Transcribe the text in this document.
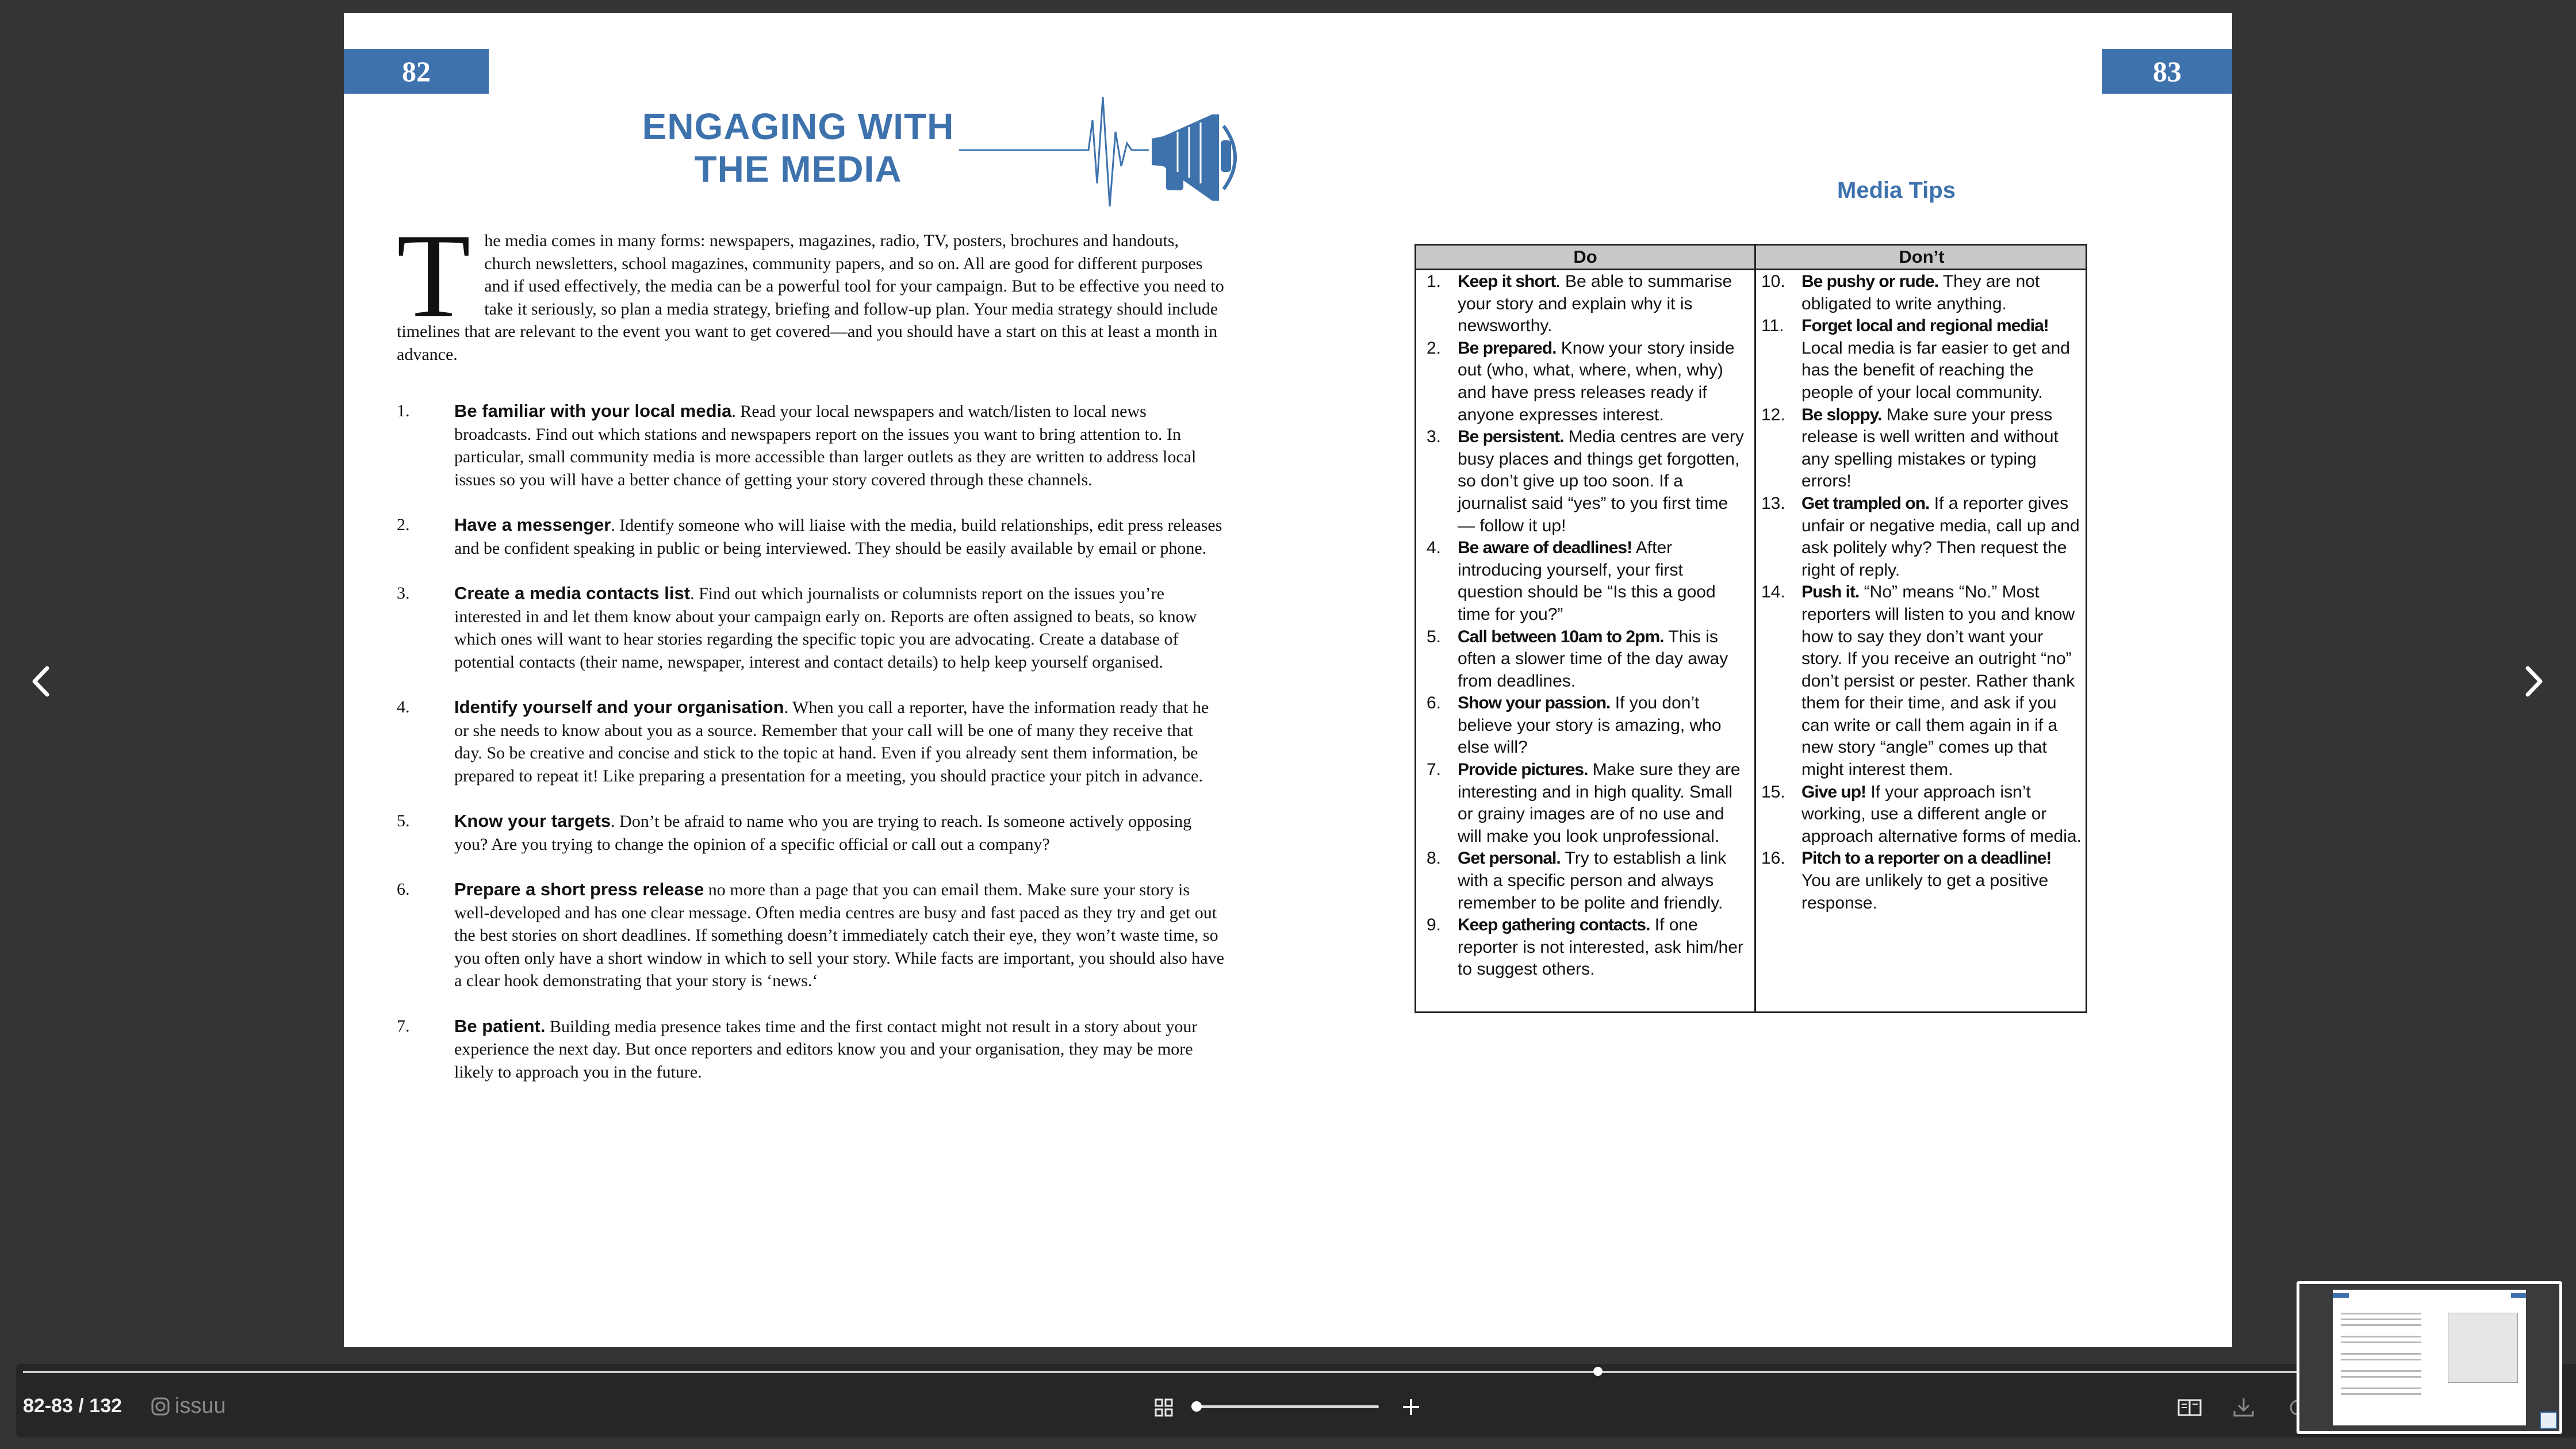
82
ENGAGING WITH
THE MEDIA
T he media comes in many forms: newspapers, magazines, radio, TV, posters, brochures and handouts, church newsletters, school magazines, community papers, and so on. All are good for different purposes and if used effectively, the media can be a powerful tool for your campaign. But to be effective you need to take it seriously, so plan a media strategy, briefing and follow-up plan. Your media strategy should include timelines that are relevant to the event you want to get covered—and you should have a start on this at least a month in advance.
1.	Be familiar with your local media. Read your local newspapers and watch/listen to local news broadcasts. Find out which stations and newspapers report on the issues you want to bring attention to. In particular, small community media is more accessible than larger outlets as they are written to address local issues so you will have a better chance of getting your story covered through these channels.
2.	Have a messenger. Identify someone who will liaise with the media, build relationships, edit press releases and be confident speaking in public or being interviewed. They should be easily available by email or phone.
3.	Create a media contacts list. Find out which journalists or columnists report on the issues you’re interested in and let them know about your campaign early on. Reports are often assigned to beats, so know which ones will want to hear stories regarding the specific topic you are advocating. Create a database of potential contacts (their name, newspaper, interest and contact details) to help keep yourself organised.
4.	Identify yourself and your organisation. When you call a reporter, have the information ready that he or she needs to know about you as a source. Remember that your call will be one of many they receive that day. So be creative and concise and stick to the topic at hand. Even if you already sent them information, be prepared to repeat it! Like preparing a presentation for a meeting, you should practice your pitch in advance.
5.	Know your targets. Don’t be afraid to name who you are trying to reach. Is someone actively opposing you? Are you trying to change the opinion of a specific official or call out a company?
6.	Prepare a short press release no more than a page that you can email them. Make sure your story is well-developed and has one clear message. Often media centres are busy and fast paced as they try and get out the best stories on short deadlines. If something doesn’t immediately catch their eye, they won’t waste time, so you often only have a short window in which to sell your story. While facts are important, you should also have a clear hook demonstrating that your story is ‘news.‘
7.	Be patient. Building media presence takes time and the first contact might not result in a story about your experience the next day. But once reporters and editors know you and your organisation, they may be more likely to approach you in the future.
83
Media Tips
Do	Don’t
1. Keep it short. Be able to summarise your story and explain why it is newsworthy.
2. Be prepared. Know your story inside out (who, what, where, when, why) and have press releases ready if anyone expresses interest.
3. Be persistent. Media centres are very busy places and things get forgotten, so don’t give up too soon. If a journalist said “yes” to you first time — follow it up!
4. Be aware of deadlines! After introducing yourself, your first question should be “Is this a good time for you?”
5. Call between 10am to 2pm. This is often a slower time of the day away from deadlines.
6. Show your passion. If you don’t believe your story is amazing, who else will?
7. Provide pictures. Make sure they are interesting and in high quality. Small or grainy images are of no use and will make you look unprofessional.
8. Get personal. Try to establish a link with a specific person and always remember to be polite and friendly.
9. Keep gathering contacts. If one reporter is not interested, ask him/her to suggest others.
10. Be pushy or rude. They are not obligated to write anything.
11. Forget local and regional media! Local media is far easier to get and has the benefit of reaching the people of your local community.
12. Be sloppy. Make sure your press release is well written and without any spelling mistakes or typing errors!
13. Get trampled on. If a reporter gives unfair or negative media, call up and ask politely why? Then request the right of reply.
14. Push it. “No” means “No.” Most reporters will listen to you and know how to say they don’t want your story. If you receive an outright “no” don’t persist or pester. Rather thank them for their time, and ask if you can write or call them again in if a new story “angle” comes up that might interest them.
15. Give up! If your approach isn’t working, use a different angle or approach alternative forms of media.
16. Pitch to a reporter on a deadline! You are unlikely to get a positive response.
82-83 / 132 issuu
